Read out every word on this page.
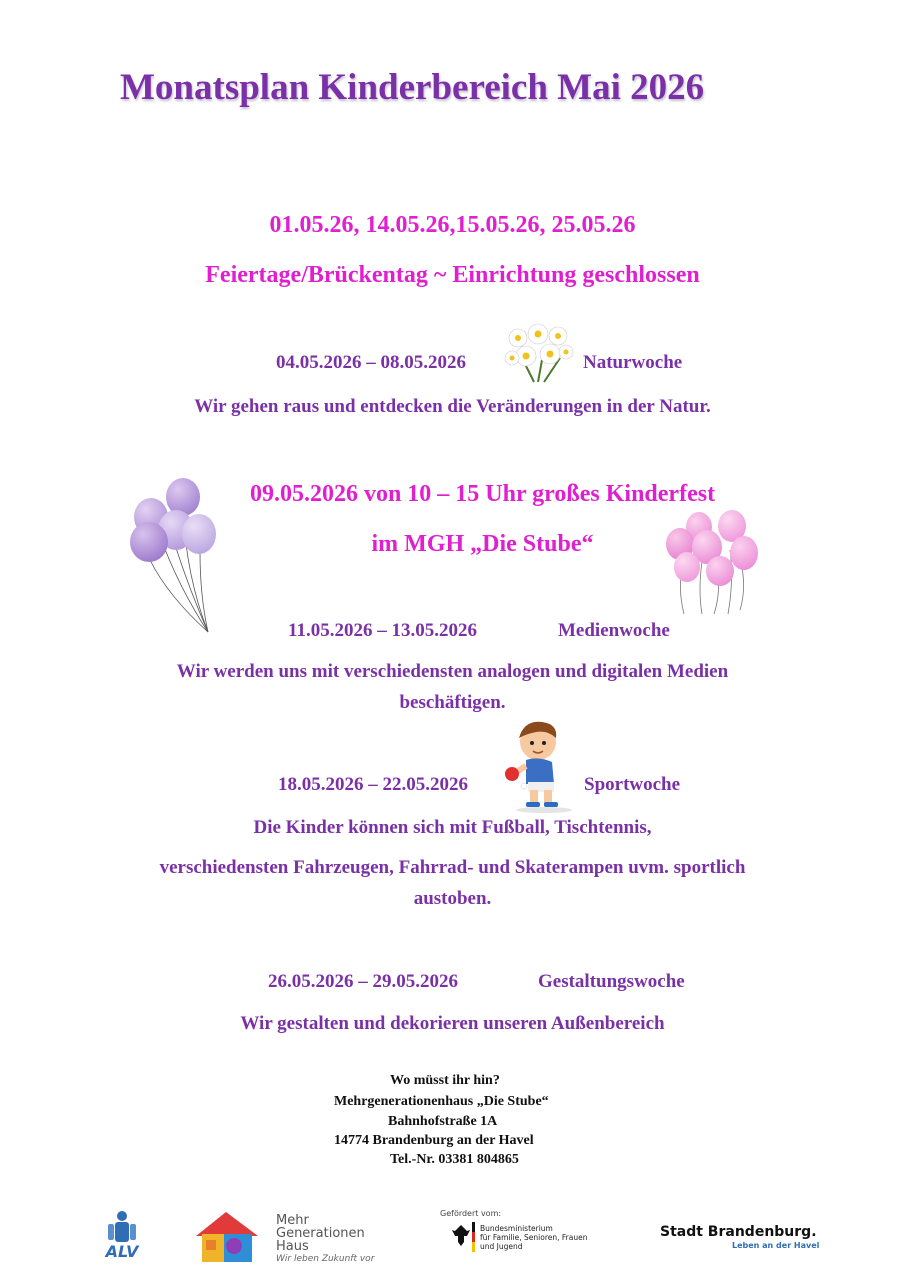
Monatsplan Kinderbereich Mai 2026
01.05.26, 14.05.26,15.05.26, 25.05.26
Feiertage/Brückentag ~ Einrichtung geschlossen
04.05.2026 – 08.05.2026	Naturwoche
Wir gehen raus und entdecken die Veränderungen in der Natur.
09.05.2026 von 10 – 15 Uhr großes Kinderfest
im MGH „Die Stube“
11.05.2026 – 13.05.2026	Medienwoche
Wir werden uns mit verschiedensten analogen und digitalen Medien
beschäftigen.
18.05.2026 – 22.05.2026	Sportwoche
Die Kinder können sich mit Fußball, Tischtennis,
verschiedensten Fahrzeugen, Fahrrad- und Skaterampen uvm. sportlich
austoben.
26.05.2026 – 29.05.2026	Gestaltungswoche
Wir gestalten und dekorieren unseren Außenbereich
Wo müsst ihr hin?
Mehrgenerationenhaus „Die Stube“
Bahnhofstraße 1A
14774 Brandenburg an der Havel
Tel.-Nr. 03381 804865
ALV
Mehr
Generationen
Haus
Wir leben Zukunft vor
Gefördert vom:
Bundesministerium
für Familie, Senioren, Frauen
und Jugend
Stadt Brandenburg.
Leben an der Havel
